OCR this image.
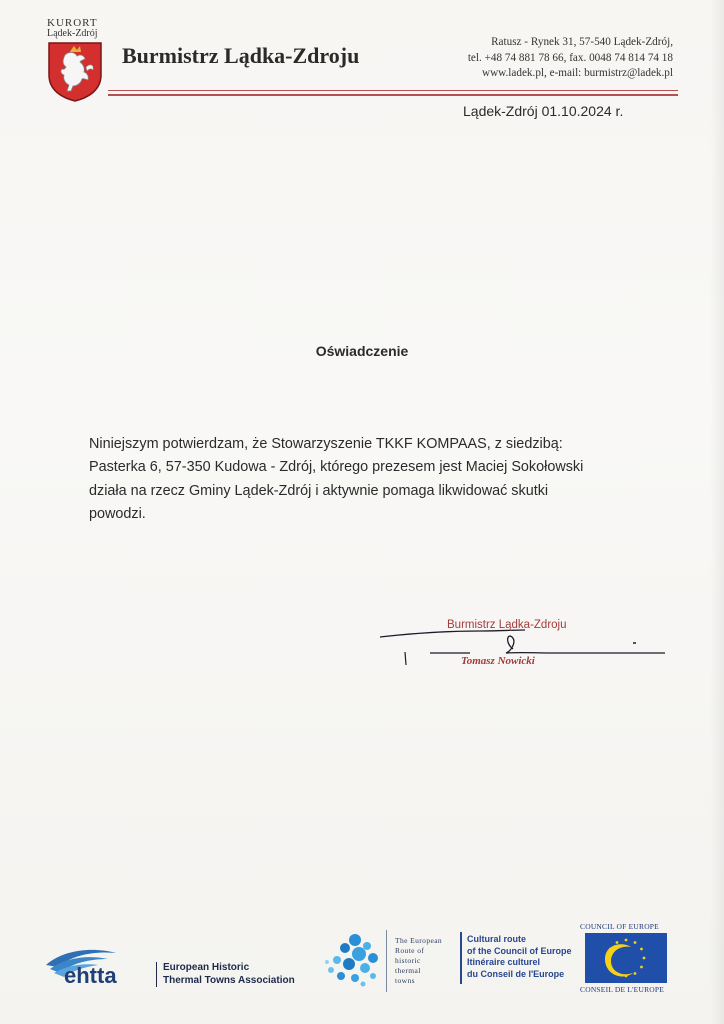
KURORT
Lądek-Zdrój
Burmistrz Lądka-Zdroju
Ratusz - Rynek 31, 57-540 Lądek-Zdrój,
tel. +48 74 881 78 66, fax. 0048 74 814 74 18
www.ladek.pl, e-mail: burmistrz@ladek.pl
Lądek-Zdrój 01.10.2024 r.
Oświadczenie
Niniejszym potwierdzam, że Stowarzyszenie TKKF KOMPAAS, z siedzibą:
Pasterka 6, 57-350 Kudowa - Zdrój, którego prezesem jest Maciej Sokołowski
działa na rzecz Gminy Lądek-Zdrój i aktywnie pomaga likwidować skutki
powodzi.
Burmistrz Lądka-Zdroju
Tomasz Nowicki
ehtta	European Historic
Thermal Towns Association
The European
Route of
historic
thermal
towns
Cultural route
of the Council of Europe
Itinéraire culturel
du Conseil de l'Europe
COUNCIL OF EUROPE
CONSEIL DE L'EUROPE
